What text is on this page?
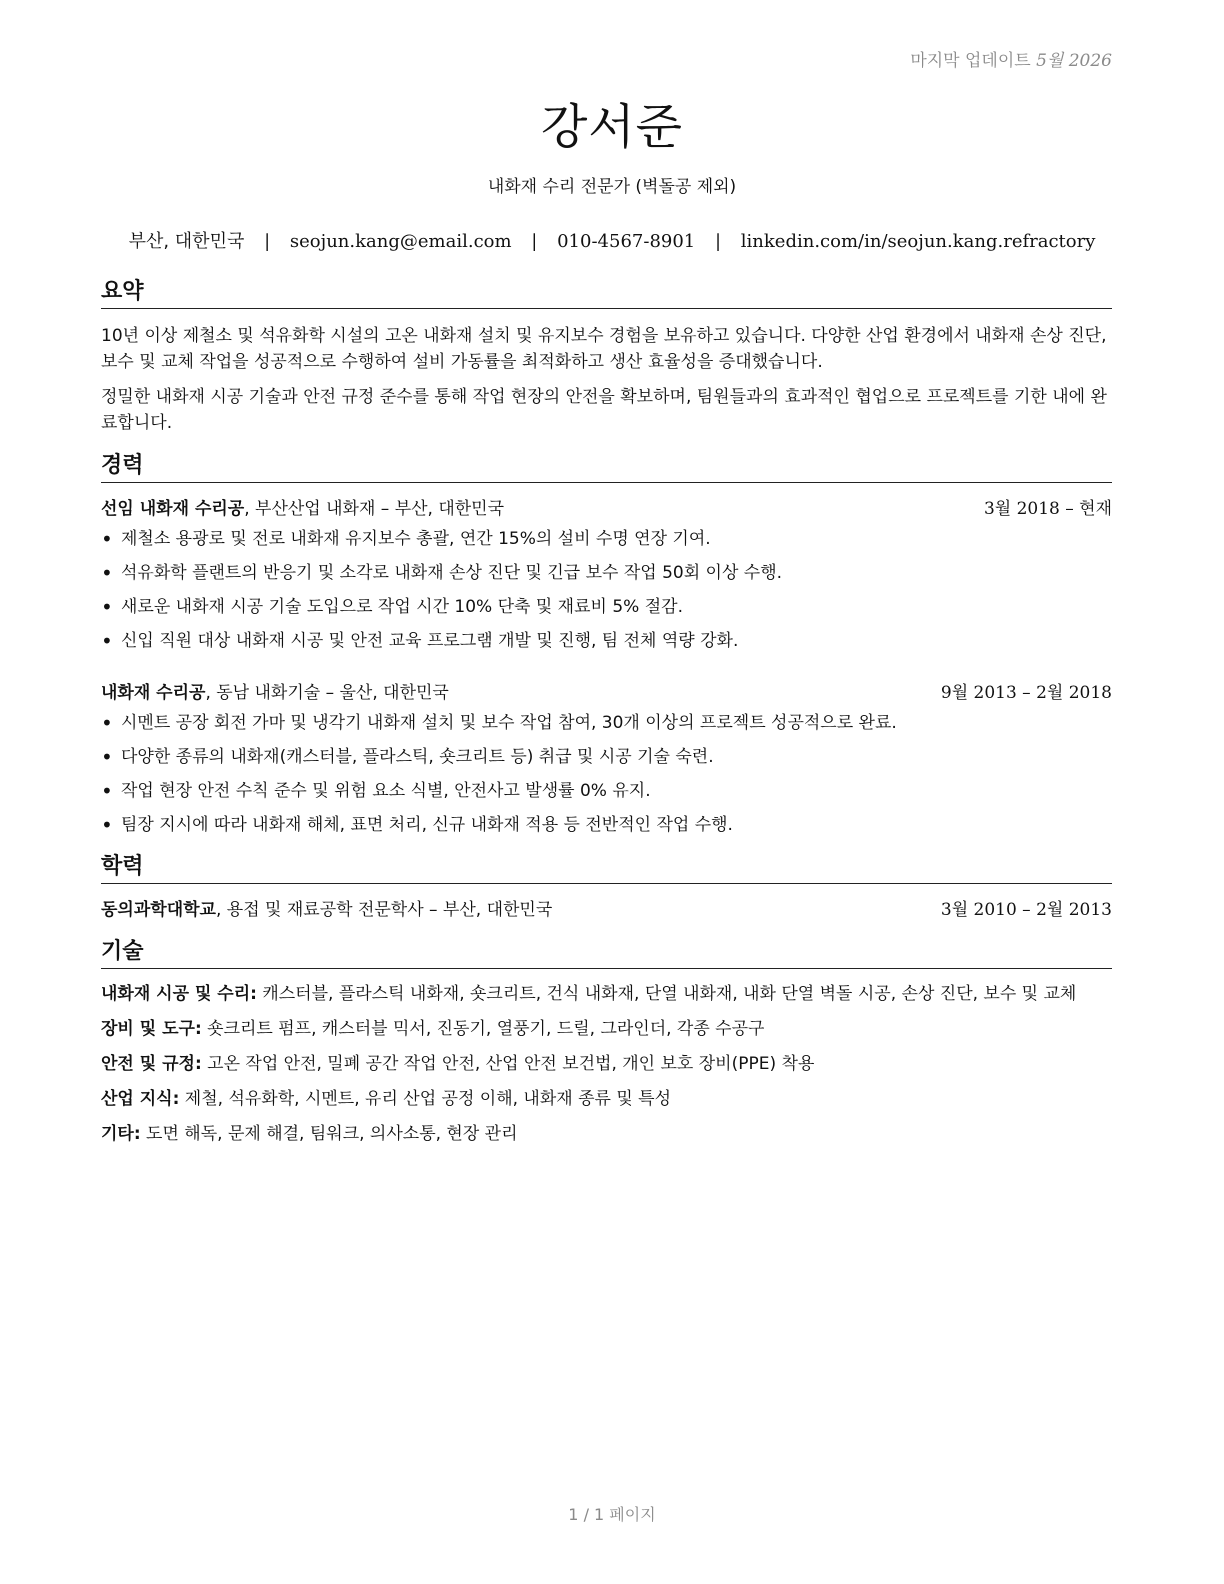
마지막 업데이트 5월 2026
강서준
내화재 수리 전문가 (벽돌공 제외)
부산, 대한민국 | seojun.kang@email.com | 010-4567-8901 | linkedin.com/in/seojun.kang.refractory
요약

10년 이상 제철소 및 석유화학 시설의 고온 내화재 설치 및 유지보수 경험을 보유하고 있습니다. 다양한 산업 환경에서 내화재 손상 진단, 보수 및 교체 작업을 성공적으로 수행하여 설비 가동률을 최적화하고 생산 효율성을 증대했습니다.

정밀한 내화재 시공 기술과 안전 규정 준수를 통해 작업 현장의 안전을 확보하며, 팀원들과의 효과적인 협업으로 프로젝트를 기한 내에 완료합니다.

경력
선임 내화재 수리공, 부산산업 내화재 – 부산, 대한민국	3월 2018 – 현재
• 제철소 용광로 및 전로 내화재 유지보수 총괄, 연간 15%의 설비 수명 연장 기여.
• 석유화학 플랜트의 반응기 및 소각로 내화재 손상 진단 및 긴급 보수 작업 50회 이상 수행.
• 새로운 내화재 시공 기술 도입으로 작업 시간 10% 단축 및 재료비 5% 절감.
• 신입 직원 대상 내화재 시공 및 안전 교육 프로그램 개발 및 진행, 팀 전체 역량 강화.
내화재 수리공, 동남 내화기술 – 울산, 대한민국	9월 2013 – 2월 2018
• 시멘트 공장 회전 가마 및 냉각기 내화재 설치 및 보수 작업 참여, 30개 이상의 프로젝트 성공적으로 완료.
• 다양한 종류의 내화재(캐스터블, 플라스틱, 숏크리트 등) 취급 및 시공 기술 숙련.
• 작업 현장 안전 수칙 준수 및 위험 요소 식별, 안전사고 발생률 0% 유지.
• 팀장 지시에 따라 내화재 해체, 표면 처리, 신규 내화재 적용 등 전반적인 작업 수행.
학력
동의과학대학교, 용접 및 재료공학 전문학사 – 부산, 대한민국	3월 2010 – 2월 2013
기술
내화재 시공 및 수리: 캐스터블, 플라스틱 내화재, 숏크리트, 건식 내화재, 단열 내화재, 내화 단열 벽돌 시공, 손상 진단, 보수 및 교체
장비 및 도구: 숏크리트 펌프, 캐스터블 믹서, 진동기, 열풍기, 드릴, 그라인더, 각종 수공구
안전 및 규정: 고온 작업 안전, 밀폐 공간 작업 안전, 산업 안전 보건법, 개인 보호 장비(PPE) 착용
산업 지식: 제철, 석유화학, 시멘트, 유리 산업 공정 이해, 내화재 종류 및 특성
기타: 도면 해독, 문제 해결, 팀워크, 의사소통, 현장 관리
1 / 1 페이지
